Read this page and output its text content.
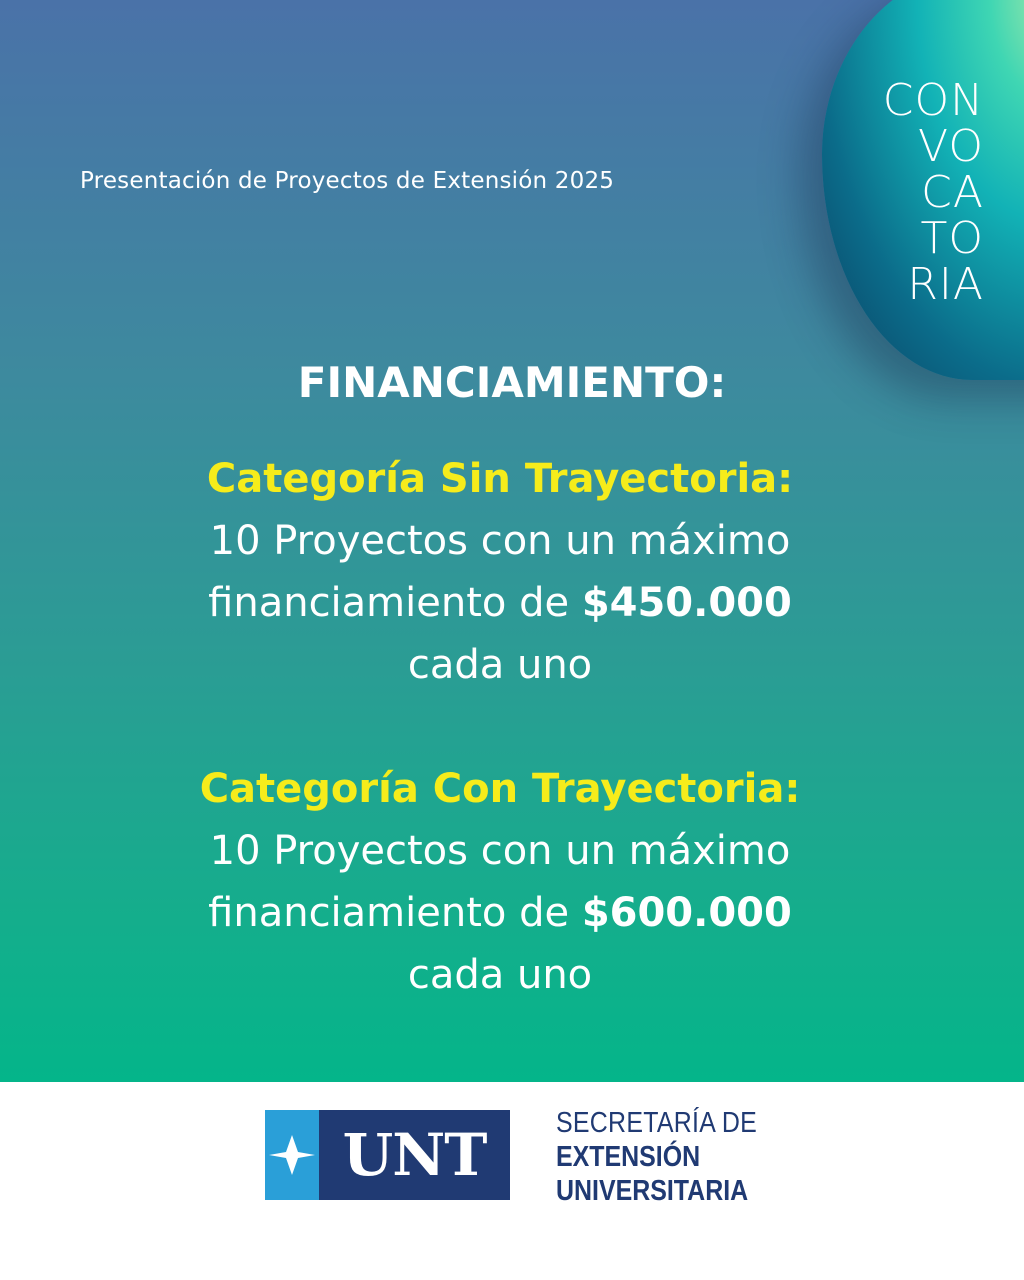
CON
VO
CA
TO
RIA
Presentación de Proyectos de Extensión 2025
FINANCIAMIENTO:
Categoría Sin Trayectoria:
10 Proyectos con un máximo
financiamiento de $450.000
cada uno
Categoría Con Trayectoria:
10 Proyectos con un máximo
financiamiento de $600.000
cada uno
UNT SECRETARÍA DE
EXTENSIÓN
UNIVERSITARIA
